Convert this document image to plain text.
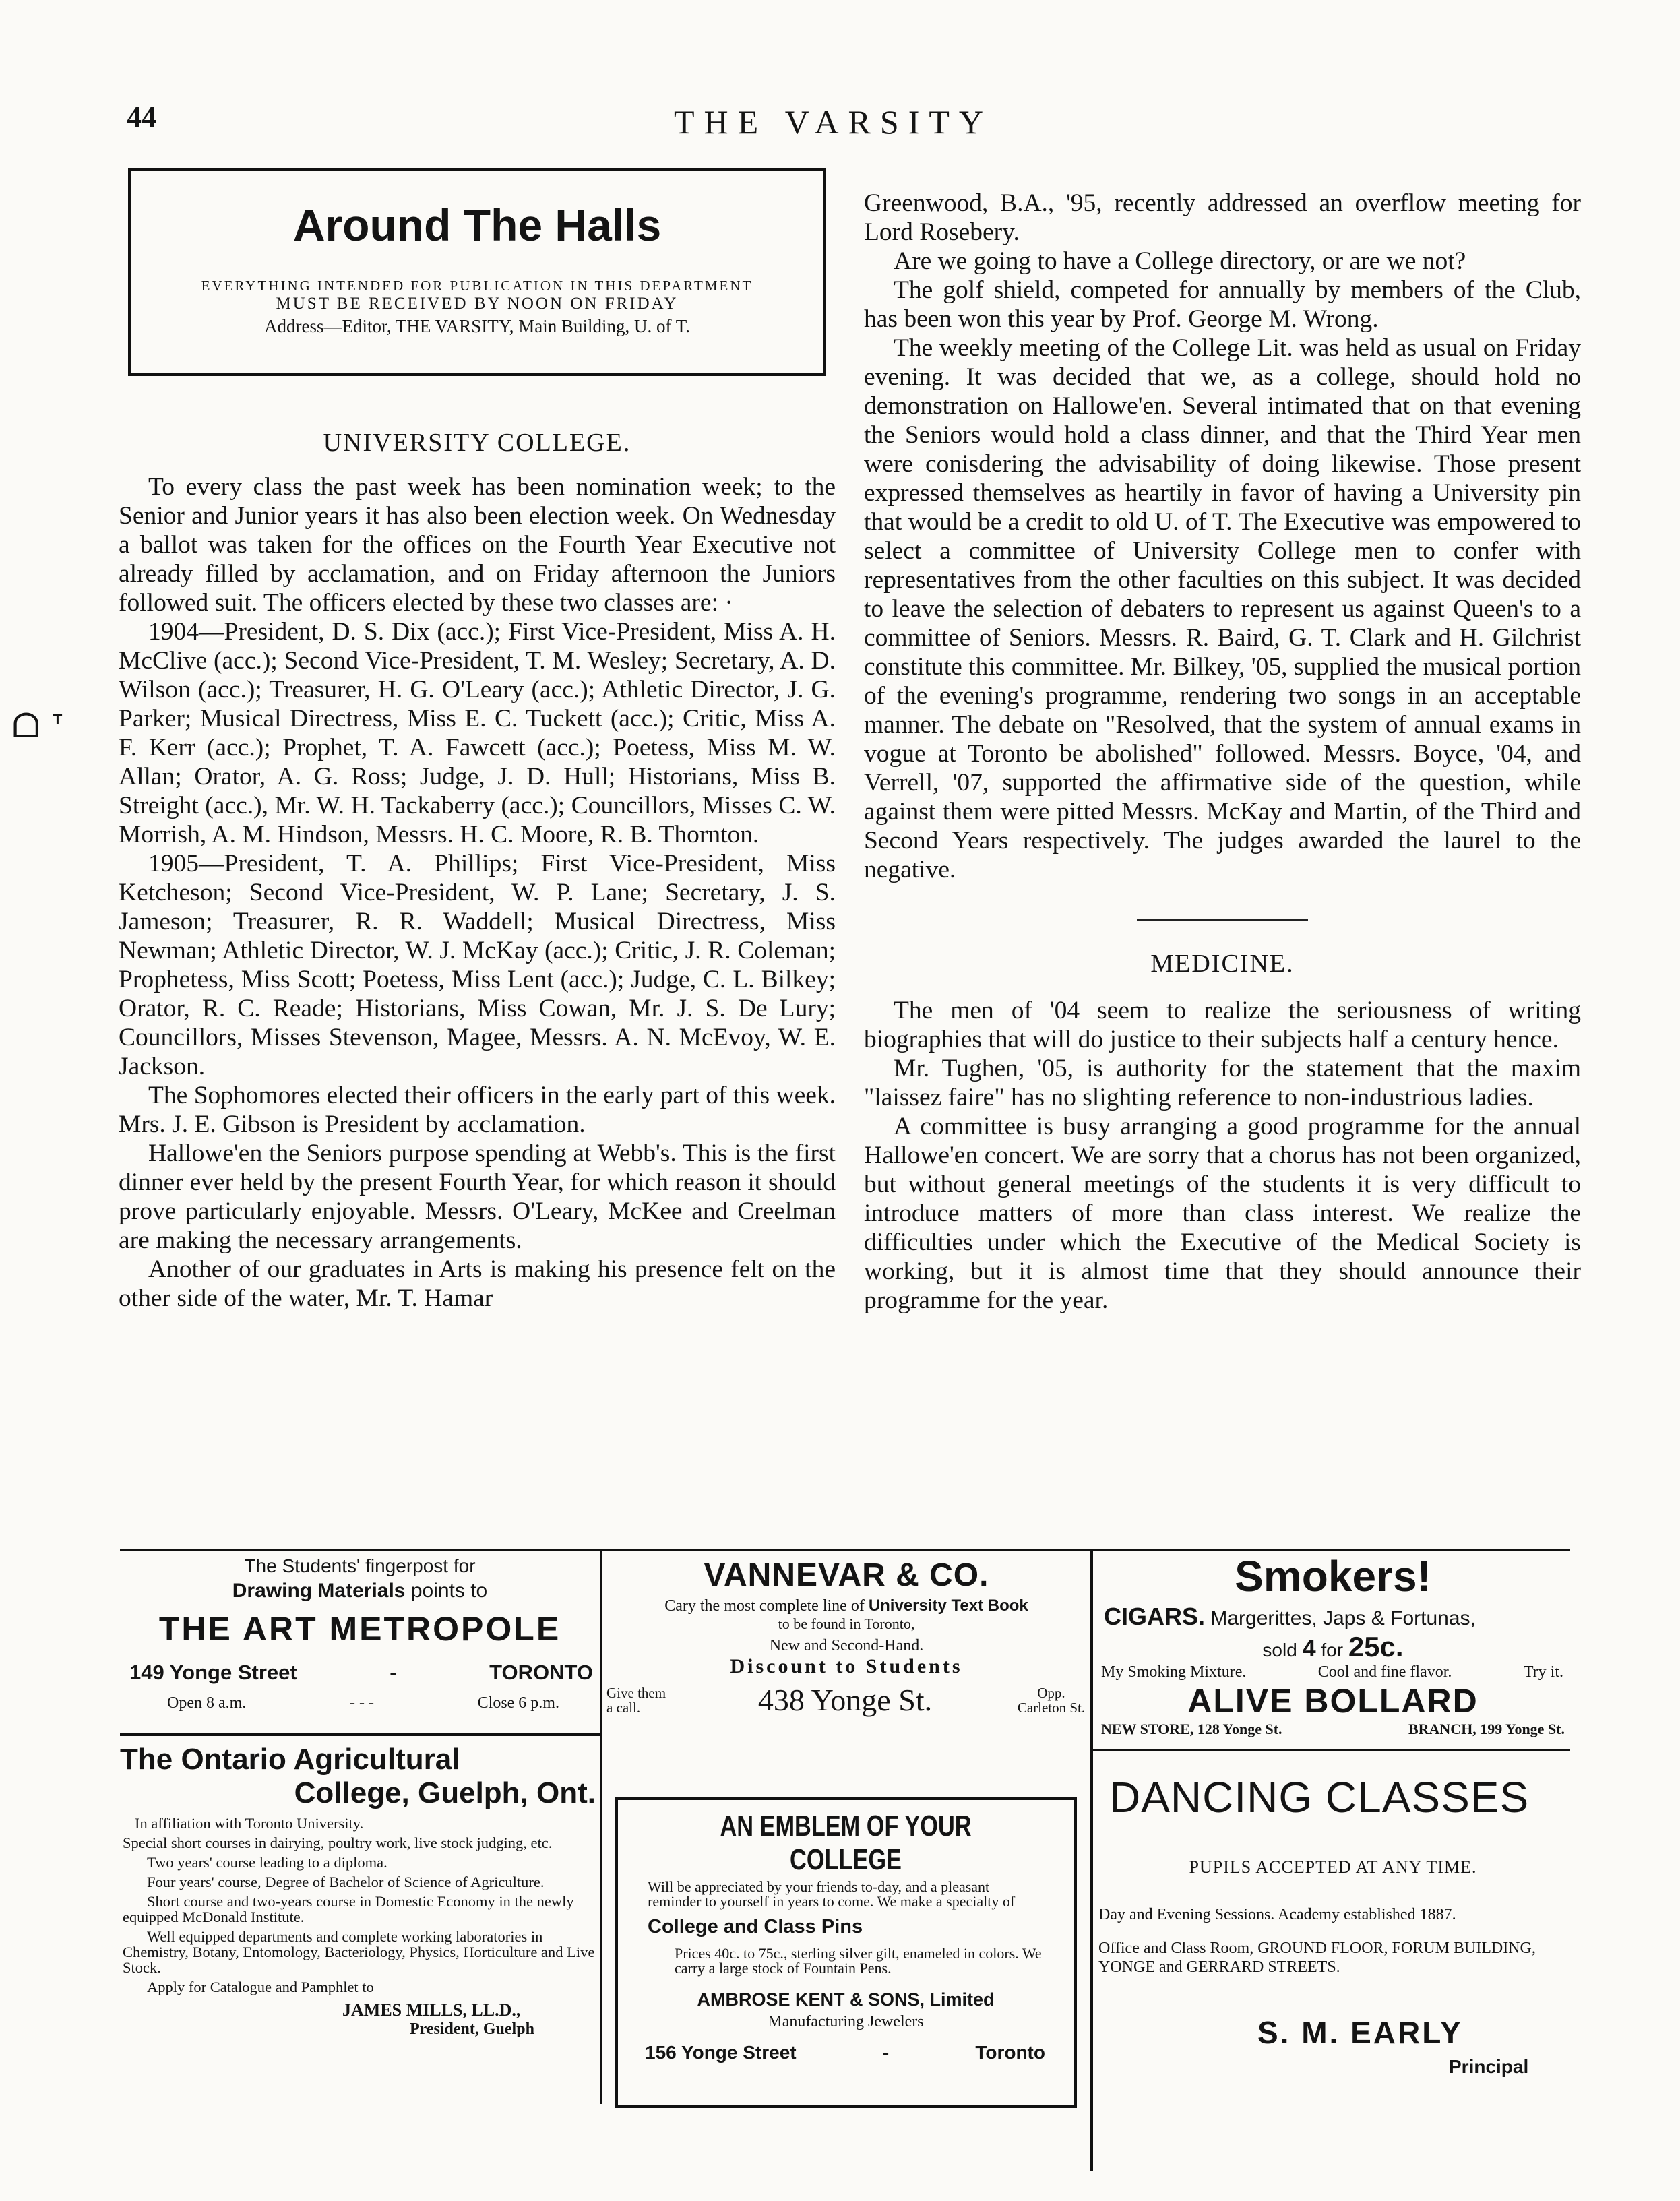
44	THE VARSITY
ᗝ ᐪ
Around The Halls
EVERYTHING INTENDED FOR PUBLICATION IN THIS DEPARTMENT
MUST BE RECEIVED BY NOON ON FRIDAY
Address—Editor, THE VARSITY, Main Building, U. of T.
UNIVERSITY COLLEGE.

To every class the past week has been nomination week; to the Senior and Junior years it has also been election week. On Wednesday a ballot was taken for the offices on the Fourth Year Executive not already filled by acclamation, and on Friday afternoon the Juniors followed suit. The officers elected by these two classes are: ·

1904—President, D. S. Dix (acc.); First Vice-President, Miss A. H. McClive (acc.); Second Vice-President, T. M. Wesley; Secretary, A. D. Wilson (acc.); Treasurer, H. G. O'Leary (acc.); Athletic Director, J. G. Parker; Musical Directress, Miss E. C. Tuckett (acc.); Critic, Miss A. F. Kerr (acc.); Prophet, T. A. Fawcett (acc.); Poetess, Miss M. W. Allan; Orator, A. G. Ross; Judge, J. D. Hull; Historians, Miss B. Streight (acc.), Mr. W. H. Tackaberry (acc.); Councillors, Misses C. W. Morrish, A. M. Hindson, Messrs. H. C. Moore, R. B. Thornton.

1905—President, T. A. Phillips; First Vice-President, Miss Ketcheson; Second Vice-President, W. P. Lane; Secretary, J. S. Jameson; Treasurer, R. R. Waddell; Musical Directress, Miss Newman; Athletic Director, W. J. McKay (acc.); Critic, J. R. Coleman; Prophetess, Miss Scott; Poetess, Miss Lent (acc.); Judge, C. L. Bilkey; Orator, R. C. Reade; Historians, Miss Cowan, Mr. J. S. De Lury; Councillors, Misses Stevenson, Magee, Messrs. A. N. McEvoy, W. E. Jackson.

The Sophomores elected their officers in the early part of this week. Mrs. J. E. Gibson is President by acclamation.

Hallowe'en the Seniors purpose spending at Webb's. This is the first dinner ever held by the present Fourth Year, for which reason it should prove particularly enjoyable. Messrs. O'Leary, McKee and Creelman are making the necessary arrangements.

Another of our graduates in Arts is making his presence felt on the other side of the water, Mr. T. Hamar

Greenwood, B.A., '95, recently addressed an overflow meeting for Lord Rosebery.

Are we going to have a College directory, or are we not?

The golf shield, competed for annually by members of the Club, has been won this year by Prof. George M. Wrong.

The weekly meeting of the College Lit. was held as usual on Friday evening. It was decided that we, as a college, should hold no demonstration on Hallowe'en. Several intimated that on that evening the Seniors would hold a class dinner, and that the Third Year men were conisdering the advisability of doing likewise. Those present expressed themselves as heartily in favor of having a University pin that would be a credit to old U. of T. The Executive was empowered to select a committee of University College men to confer with representatives from the other faculties on this subject. It was decided to leave the selection of debaters to represent us against Queen's to a committee of Seniors. Messrs. R. Baird, G. T. Clark and H. Gilchrist constitute this committee. Mr. Bilkey, '05, supplied the musical portion of the evening's programme, rendering two songs in an acceptable manner. The debate on "Resolved, that the system of annual exams in vogue at Toronto be abolished" followed. Messrs. Boyce, '04, and Verrell, '07, supported the affirmative side of the question, while against them were pitted Messrs. McKay and Martin, of the Third and Second Years respectively. The judges awarded the laurel to the negative.

MEDICINE.

The men of '04 seem to realize the seriousness of writing biographies that will do justice to their subjects half a century hence.

Mr. Tughen, '05, is authority for the statement that the maxim "laissez faire" has no slighting reference to non-industrious ladies.

A committee is busy arranging a good programme for the annual Hallowe'en concert. We are sorry that a chorus has not been organized, but without general meetings of the students it is very difficult to introduce matters of more than class interest. We realize the difficulties under which the Executive of the Medical Society is working, but it is almost time that they should announce their programme for the year.

The Students' fingerpost for
Drawing Materials points to
THE ART METROPOLE
149 Yonge Street	-	TORONTO
Open 8 a.m.	- - -	Close 6 p.m.
VANNEVAR & CO.
Cary the most complete line of University Text Book
to be found in Toronto,
New and Second-Hand.
Discount to Students
Give them a call.	438 Yonge St.	Opp. Carleton St.
Smokers!
CIGARS. Margerittes, Japs & Fortunas,
sold 4 for 25c.
My Smoking Mixture.	Cool and fine flavor.	Try it.
ALIVE BOLLARD
NEW STORE, 128 Yonge St.	BRANCH, 199 Yonge St.
The Ontario Agricultural
College, Guelph, Ont.
In affiliation with Toronto University.
Special short courses in dairying, poultry work, live stock judging, etc.
Two years' course leading to a diploma.
Four years' course, Degree of Bachelor of Science of Agriculture.
Short course and two-years course in Domestic Economy in the newly equipped McDonald Institute.
Well equipped departments and complete working laboratories in Chemistry, Botany, Entomology, Bacteriology, Physics, Horticulture and Live Stock.
Apply for Catalogue and Pamphlet to
JAMES MILLS, LL.D.,
President, Guelph
AN EMBLEM OF YOUR COLLEGE
Will be appreciated by your friends to-day, and a pleasant reminder to yourself in years to come. We make a specialty of
College and Class Pins
Prices 40c. to 75c., sterling silver gilt, enameled in colors. We carry a large stock of Fountain Pens.
AMBROSE KENT & SONS, Limited
Manufacturing Jewelers
156 Yonge Street	-	Toronto
DANCING CLASSES
PUPILS ACCEPTED AT ANY TIME.
Day and Evening Sessions. Academy established 1887.
Office and Class Room, GROUND FLOOR, FORUM BUILDING, YONGE and GERRARD STREETS.
S. M. EARLY
Principal
